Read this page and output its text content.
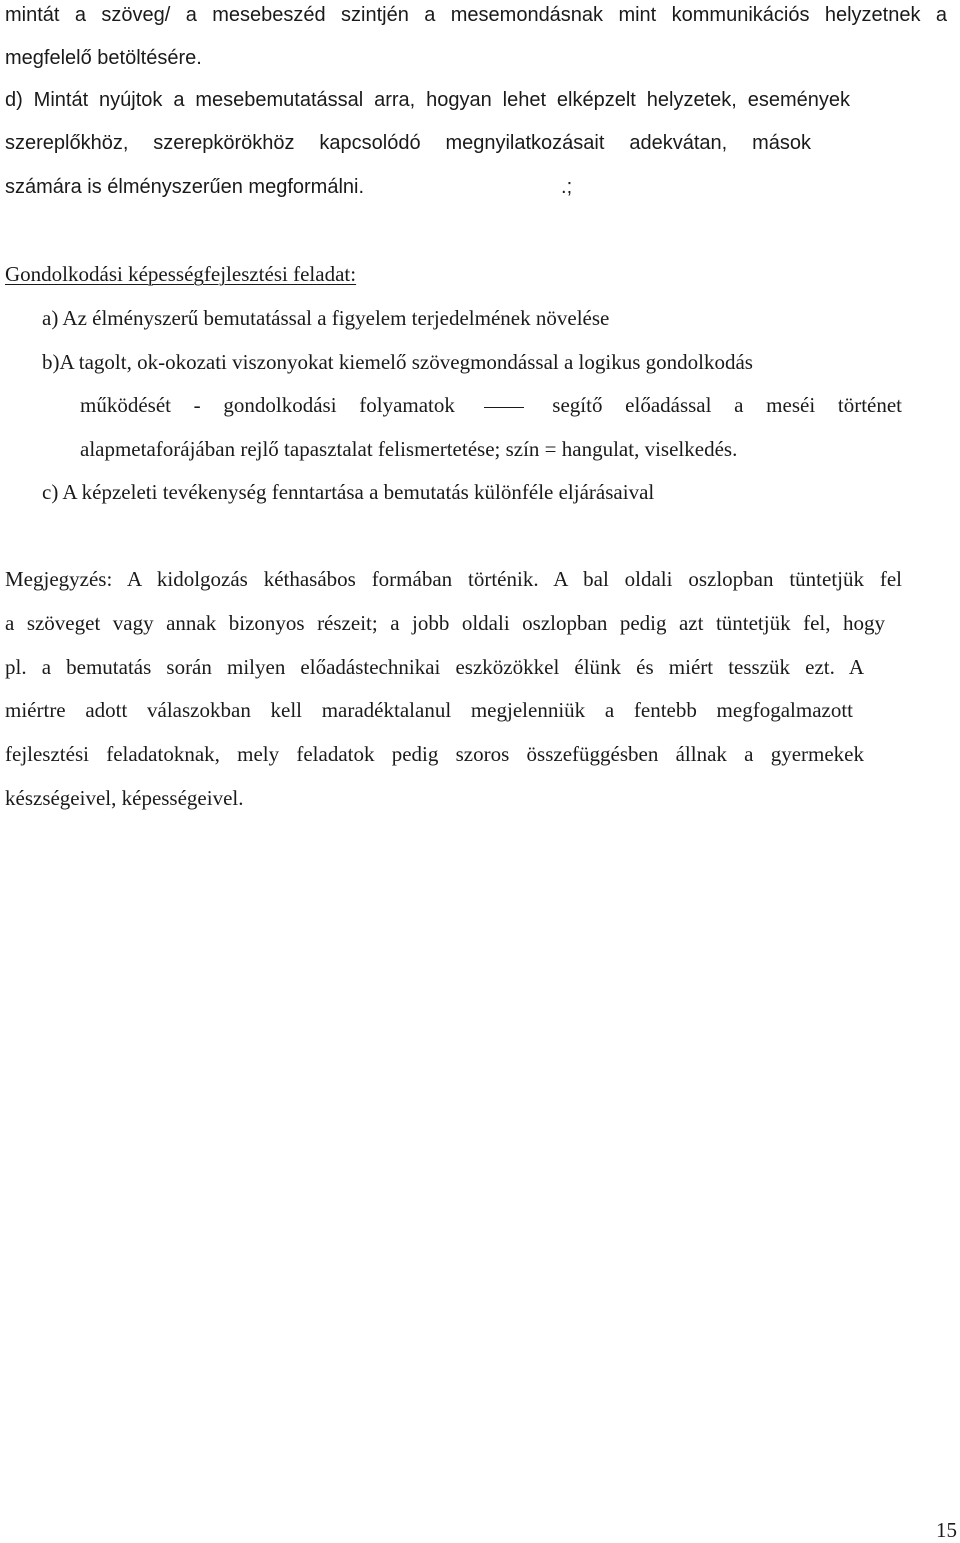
mintát a szöveg/ a mesebeszéd szintjén a mesemondásnak mint kommunikációs helyzetnek a
megfelelő betöltésére.
d) Mintát nyújtok a mesebemutatással arra, hogyan lehet elképzelt helyzetek, események
szereplőkhöz, szerepkörökhöz kapcsolódó megnyilatkozásait adekvátan, mások
számára is élményszerűen megformálni.	.;
Gondolkodási képességfejlesztési feladat:
a) Az élményszerű bemutatással a figyelem terjedelmének növelése
b)A tagolt, ok-okozati viszonyokat kiemelő szövegmondással a logikus gondolkodás
működését - gondolkodási folyamatok	segítő előadással a meséi történet
alapmetaforájában rejlő tapasztalat felismertetése; szín = hangulat, viselkedés.
c) A képzeleti tevékenység fenntartása a bemutatás különféle eljárásaival
Megjegyzés: A kidolgozás kéthasábos formában történik. A bal oldali oszlopban tüntetjük fel
a szöveget vagy annak bizonyos részeit; a jobb oldali oszlopban pedig azt tüntetjük fel, hogy
pl. a bemutatás során milyen előadástechnikai eszközökkel élünk és miért tesszük ezt. A
miértre adott válaszokban kell maradéktalanul megjelenniük a fentebb megfogalmazott
fejlesztési feladatoknak, mely feladatok pedig szoros összefüggésben állnak a gyermekek
készségeivel, képességeivel.
15
